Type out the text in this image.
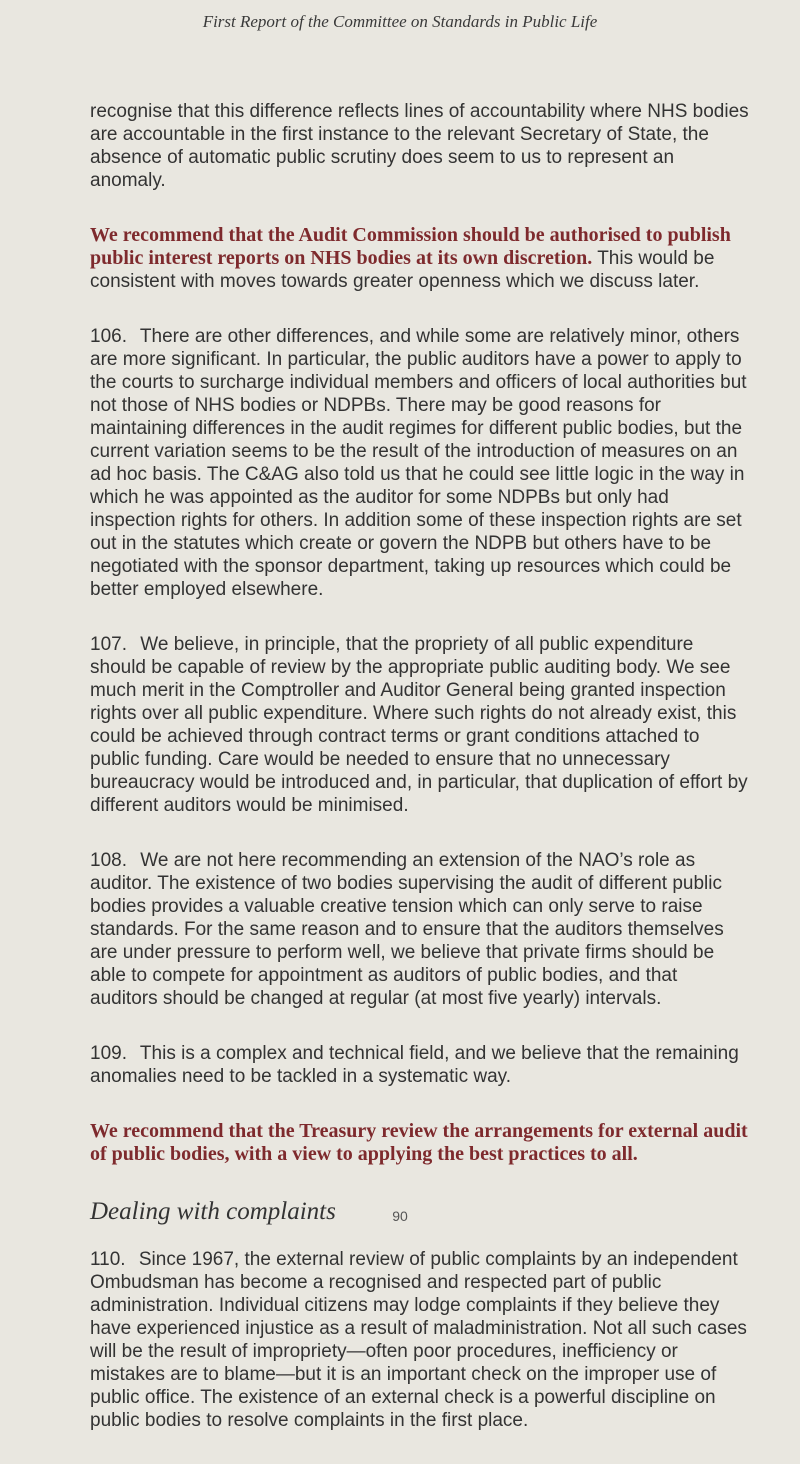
First Report of the Committee on Standards in Public Life

recognise that this difference reflects lines of accountability where NHS bodies are accountable in the first instance to the relevant Secretary of State, the absence of automatic public scrutiny does seem to us to represent an anomaly.

We recommend that the Audit Commission should be authorised to publish public interest reports on NHS bodies at its own discretion. This would be consistent with moves towards greater openness which we discuss later.

106. There are other differences, and while some are relatively minor, others are more significant. In particular, the public auditors have a power to apply to the courts to surcharge individual members and officers of local authorities but not those of NHS bodies or NDPBs. There may be good reasons for maintaining differences in the audit regimes for different public bodies, but the current variation seems to be the result of the introduction of measures on an ad hoc basis. The C&AG also told us that he could see little logic in the way in which he was appointed as the auditor for some NDPBs but only had inspection rights for others. In addition some of these inspection rights are set out in the statutes which create or govern the NDPB but others have to be negotiated with the sponsor department, taking up resources which could be better employed elsewhere.

107. We believe, in principle, that the propriety of all public expenditure should be capable of review by the appropriate public auditing body. We see much merit in the Comptroller and Auditor General being granted inspection rights over all public expenditure. Where such rights do not already exist, this could be achieved through contract terms or grant conditions attached to public funding. Care would be needed to ensure that no unnecessary bureaucracy would be introduced and, in particular, that duplication of effort by different auditors would be minimised.

108. We are not here recommending an extension of the NAO’s role as auditor. The existence of two bodies supervising the audit of different public bodies provides a valuable creative tension which can only serve to raise standards. For the same reason and to ensure that the auditors themselves are under pressure to perform well, we believe that private firms should be able to compete for appointment as auditors of public bodies, and that auditors should be changed at regular (at most five yearly) intervals.

109. This is a complex and technical field, and we believe that the remaining anomalies need to be tackled in a systematic way.

We recommend that the Treasury review the arrangements for external audit of public bodies, with a view to applying the best practices to all.

Dealing with complaints

110. Since 1967, the external review of public complaints by an independent Ombudsman has become a recognised and respected part of public administration. Individual citizens may lodge complaints if they believe they have experienced injustice as a result of maladministration. Not all such cases will be the result of impropriety—often poor procedures, inefficiency or mistakes are to blame—but it is an important check on the improper use of public office. The existence of an external check is a powerful discipline on public bodies to resolve complaints in the first place.

90
